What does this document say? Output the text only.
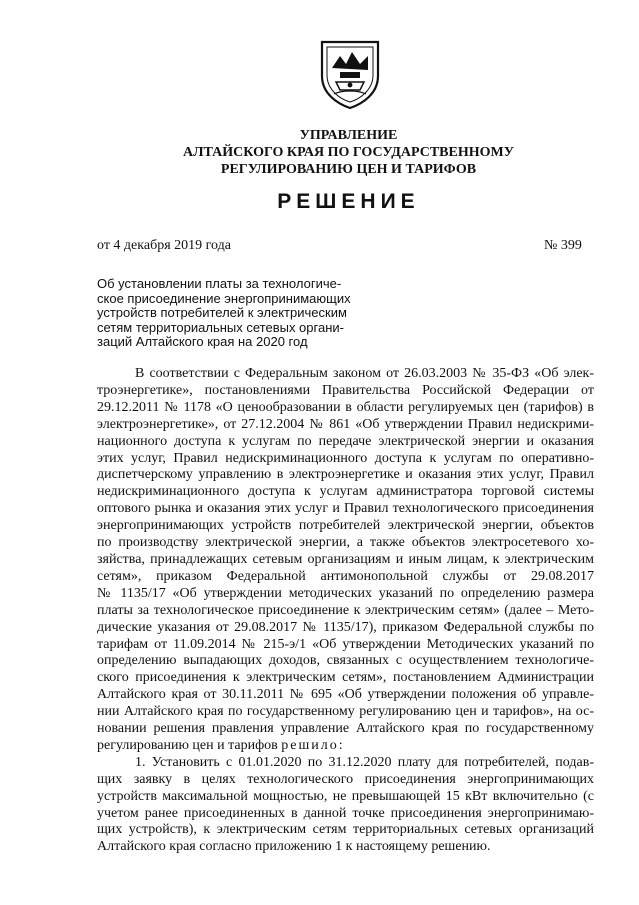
УПРАВЛЕНИЕ
АЛТАЙСКОГО КРАЯ ПО ГОСУДАРСТВЕННОМУ
РЕГУЛИРОВАНИЮ ЦЕН И ТАРИФОВ
РЕШЕНИЕ
от 4 декабря 2019 года	№ 399
Об установлении платы за технологиче-
ское присоединение энергопринимающих
устройств потребителей к электрическим
сетям территориальных сетевых органи-
заций Алтайского края на 2020 год
В соответствии с Федеральным законом от 26.03.2003 № 35-ФЗ «Об элек-
троэнергетике», постановлениями Правительства Российской Федерации от
29.12.2011 № 1178 «О ценообразовании в области регулируемых цен (тарифов) в
электроэнергетике», от 27.12.2004 № 861 «Об утверждении Правил недискрими-
национного доступа к услугам по передаче электрической энергии и оказания
этих услуг, Правил недискриминационного доступа к услугам по оперативно-
диспетчерскому управлению в электроэнергетике и оказания этих услуг, Правил
недискриминационного доступа к услугам администратора торговой системы
оптового рынка и оказания этих услуг и Правил технологического присоединения
энергопринимающих устройств потребителей электрической энергии, объектов
по производству электрической энергии, а также объектов электросетевого хо-
зяйства, принадлежащих сетевым организациям и иным лицам, к электрическим
сетям», приказом Федеральной антимонопольной службы от 29.08.2017
№ 1135/17 «Об утверждении методических указаний по определению размера
платы за технологическое присоединение к электрическим сетям» (далее – Мето-
дические указания от 29.08.2017 № 1135/17), приказом Федеральной службы по
тарифам от 11.09.2014 № 215-э/1 «Об утверждении Методических указаний по
определению выпадающих доходов, связанных с осуществлением технологиче-
ского присоединения к электрическим сетям», постановлением Администрации
Алтайского края от 30.11.2011 № 695 «Об утверждении положения об управле-
нии Алтайского края по государственному регулированию цен и тарифов», на ос-
новании решения правления управление Алтайского края по государственному
регулированию цен и тарифов решило:
1. Установить с 01.01.2020 по 31.12.2020 плату для потребителей, подав-
щих заявку в целях технологического присоединения энергопринимающих
устройств максимальной мощностью, не превышающей 15 кВт включительно (с
учетом ранее присоединенных в данной точке присоединения энергопринимаю-
щих устройств), к электрическим сетям территориальных сетевых организаций
Алтайского края согласно приложению 1 к настоящему решению.
